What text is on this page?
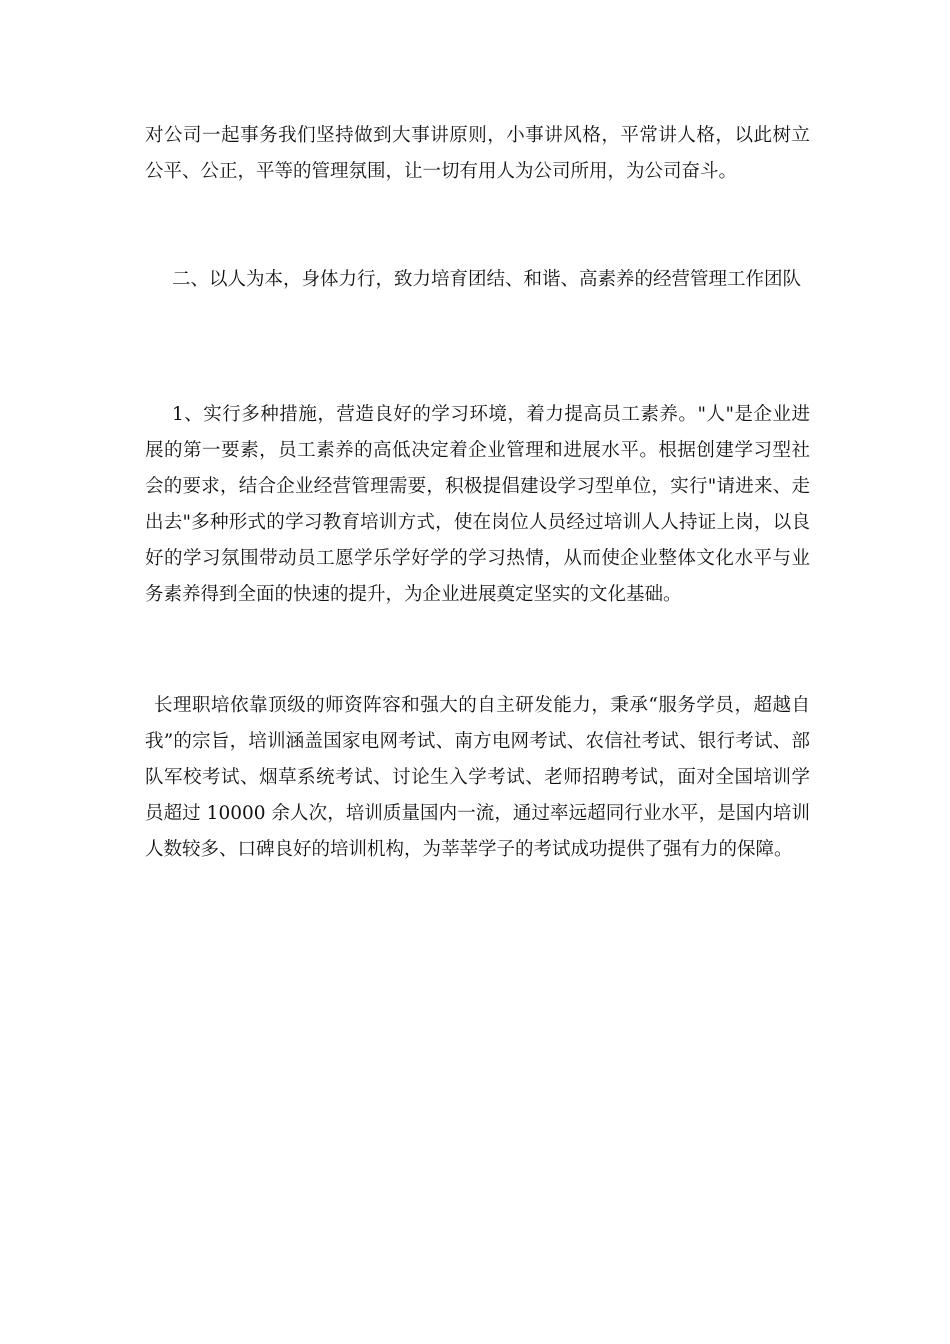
对公司一起事务我们坚持做到大事讲原则，小事讲风格，平常讲人格，以此树立公平、公正，平等的管理氛围，让一切有用人为公司所用，为公司奋斗。

二、以人为本，身体力行，致力培育团结、和谐、高素养的经营管理工作团队

1、实行多种措施，营造良好的学习环境，着力提高员工素养。"人"是企业进展的第一要素，员工素养的高低决定着企业管理和进展水平。根据创建学习型社会的要求，结合企业经营管理需要，积极提倡建设学习型单位，实行"请进来、走出去"多种形式的学习教育培训方式，使在岗位人员经过培训人人持证上岗，以良好的学习氛围带动员工愿学乐学好学的学习热情，从而使企业整体文化水平与业务素养得到全面的快速的提升，为企业进展奠定坚实的文化基础。

长理职培依靠顶级的师资阵容和强大的自主研发能力，秉承“服务学员，超越自我”的宗旨，培训涵盖国家电网考试、南方电网考试、农信社考试、银行考试、部队军校考试、烟草系统考试、讨论生入学考试、老师招聘考试，面对全国培训学员超过 10000 余人次，培训质量国内一流，通过率远超同行业水平，是国内培训人数较多、口碑良好的培训机构，为莘莘学子的考试成功提供了强有力的保障。
